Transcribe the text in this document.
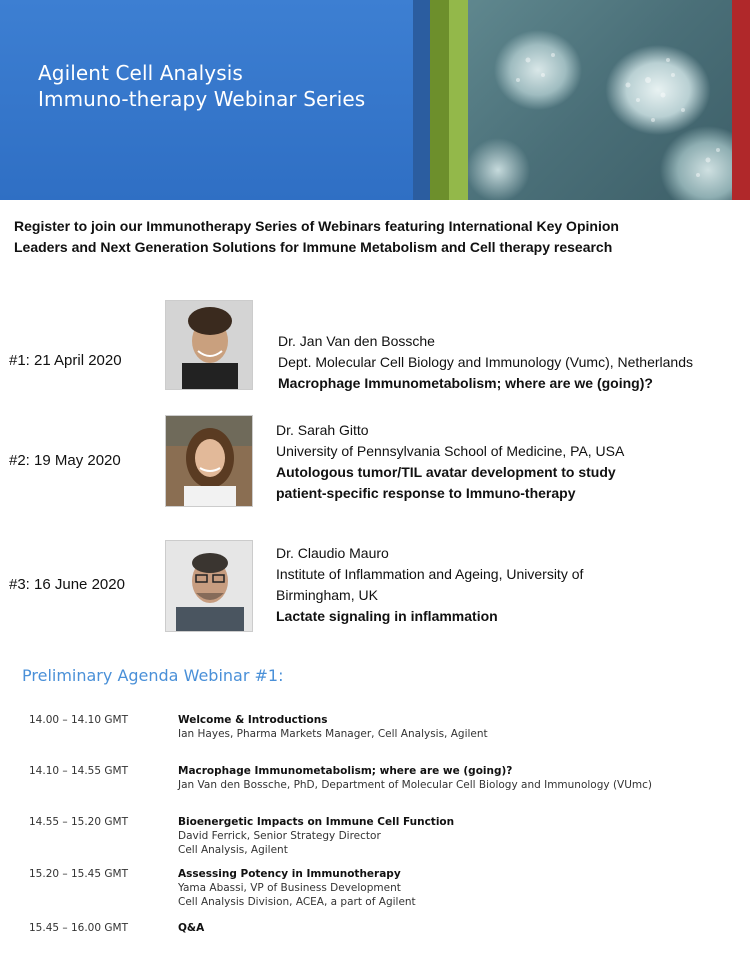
Agilent Cell Analysis
Immuno-therapy Webinar Series
Register to join our Immunotherapy Series of Webinars featuring International Key Opinion Leaders and Next Generation Solutions for Immune Metabolism and Cell therapy research
#1: 21 April 2020
Dr. Jan Van den Bossche
Dept. Molecular Cell Biology and Immunology (Vumc), Netherlands
Macrophage Immunometabolism; where are we (going)?
#2: 19 May 2020
Dr. Sarah Gitto
University of Pennsylvania School of Medicine, PA, USA
Autologous tumor/TIL avatar development to study
patient-specific response to Immuno-therapy
#3: 16 June 2020
Dr. Claudio Mauro
Institute of Inflammation and Ageing, University of
Birmingham, UK
Lactate signaling in inflammation
Preliminary Agenda Webinar #1:
14.00 – 14.10 GMT	Welcome & Introductions
Ian Hayes, Pharma Markets Manager, Cell Analysis, Agilent
14.10 – 14.55 GMT	Macrophage Immunometabolism; where are we (going)?
Jan Van den Bossche, PhD, Department of Molecular Cell Biology and Immunology (VUmc)
14.55 – 15.20 GMT	Bioenergetic Impacts on Immune Cell Function
David Ferrick, Senior Strategy Director
Cell Analysis, Agilent
15.20 – 15.45 GMT	Assessing Potency in Immunotherapy
Yama Abassi, VP of Business Development
Cell Analysis Division, ACEA, a part of Agilent
15.45 – 16.00 GMT	Q&A
